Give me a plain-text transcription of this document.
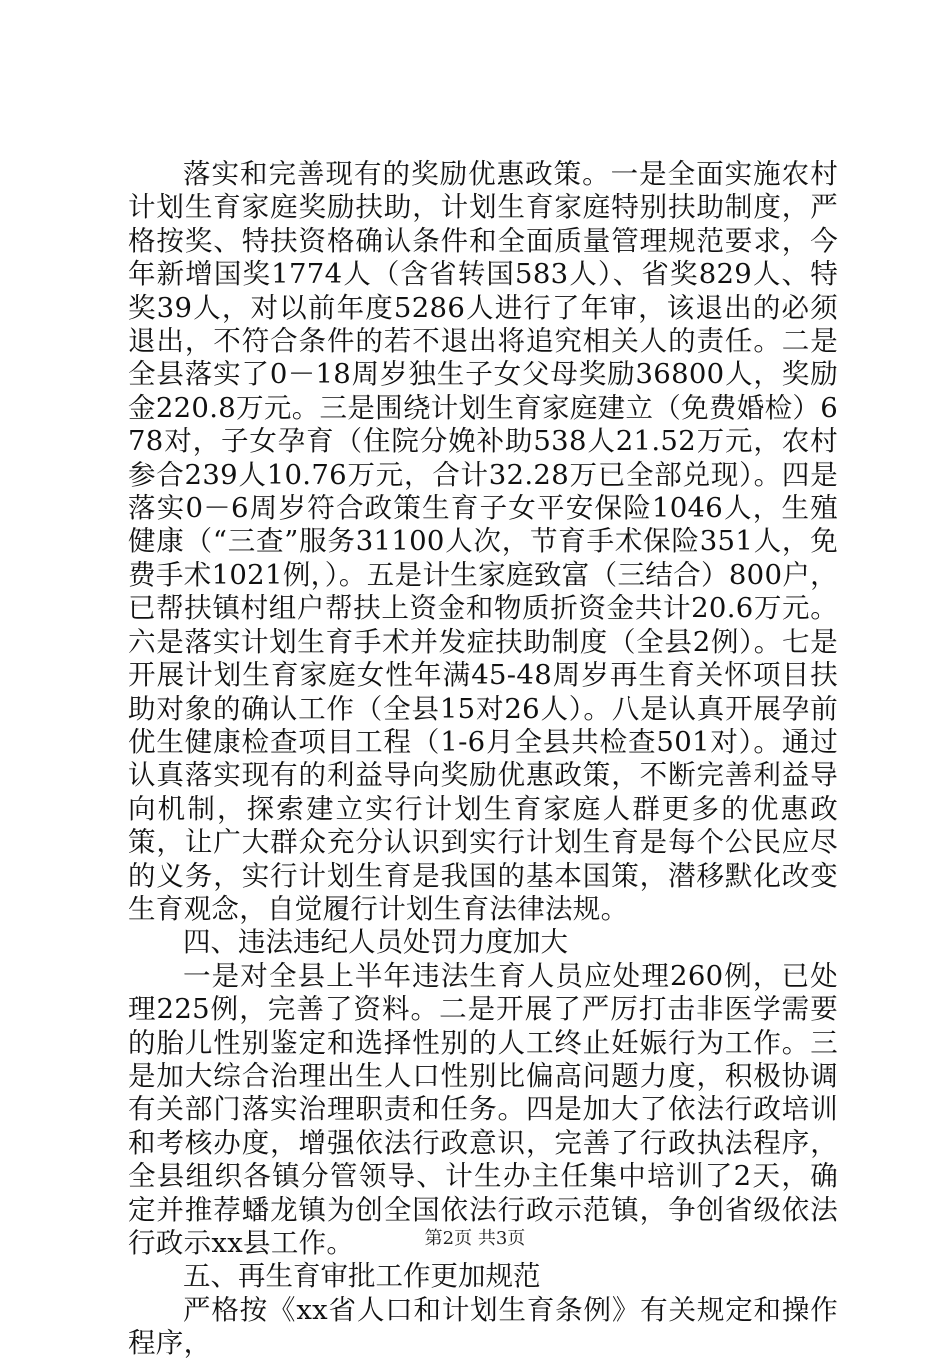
落实和完善现有的奖励优惠政策。一是全面实施农村计划生育家庭奖励扶助，计划生育家庭特别扶助制度，严格按奖、特扶资格确认条件和全面质量管理规范要求，今年新增国奖1774人（含省转国583人）、省奖829人、特奖39人，对以前年度5286人进行了年审，该退出的必须退出，不符合条件的若不退出将追究相关人的责任。二是全县落实了0－18周岁独生子女父母奖励36800人，奖励金220.8万元。三是围绕计划生育家庭建立（免费婚检）678对，子女孕育（住院分娩补助538人21.52万元，农村参合239人10.76万元，合计32.28万已全部兑现）。四是落实0－6周岁符合政策生育子女平安保险1046人，生殖健康（“三查”服务31100人次，节育手术保险351人，免费手术1021例，）。五是计生家庭致富（三结合）800户，已帮扶镇村组户帮扶上资金和物质折资金共计20.6万元。六是落实计划生育手术并发症扶助制度（全县2例）。七是开展计划生育家庭女性年满45-48周岁再生育关怀项目扶助对象的确认工作（全县15对26人）。八是认真开展孕前优生健康检查项目工程（1-6月全县共检查501对）。通过认真落实现有的利益导向奖励优惠政策，不断完善利益导向机制，探索建立实行计划生育家庭人群更多的优惠政策，让广大群众充分认识到实行计划生育是每个公民应尽的义务，实行计划生育是我国的基本国策，潜移默化改变生育观念，自觉履行计划生育法律法规。

四、违法违纪人员处罚力度加大

一是对全县上半年违法生育人员应处理260例，已处理225例，完善了资料。二是开展了严厉打击非医学需要的胎儿性别鉴定和选择性别的人工终止妊娠行为工作。三是加大综合治理出生人口性别比偏高问题力度，积极协调有关部门落实治理职责和任务。四是加大了依法行政培训和考核办度，增强依法行政意识，完善了行政执法程序，全县组织各镇分管领导、计生办主任集中培训了2天，确定并推荐蟠龙镇为创全国依法行政示范镇，争创省级依法行政示xx县工作。

五、再生育审批工作更加规范

严格按《xx省人口和计划生育条例》有关规定和操作程序，

第2页 共3页
